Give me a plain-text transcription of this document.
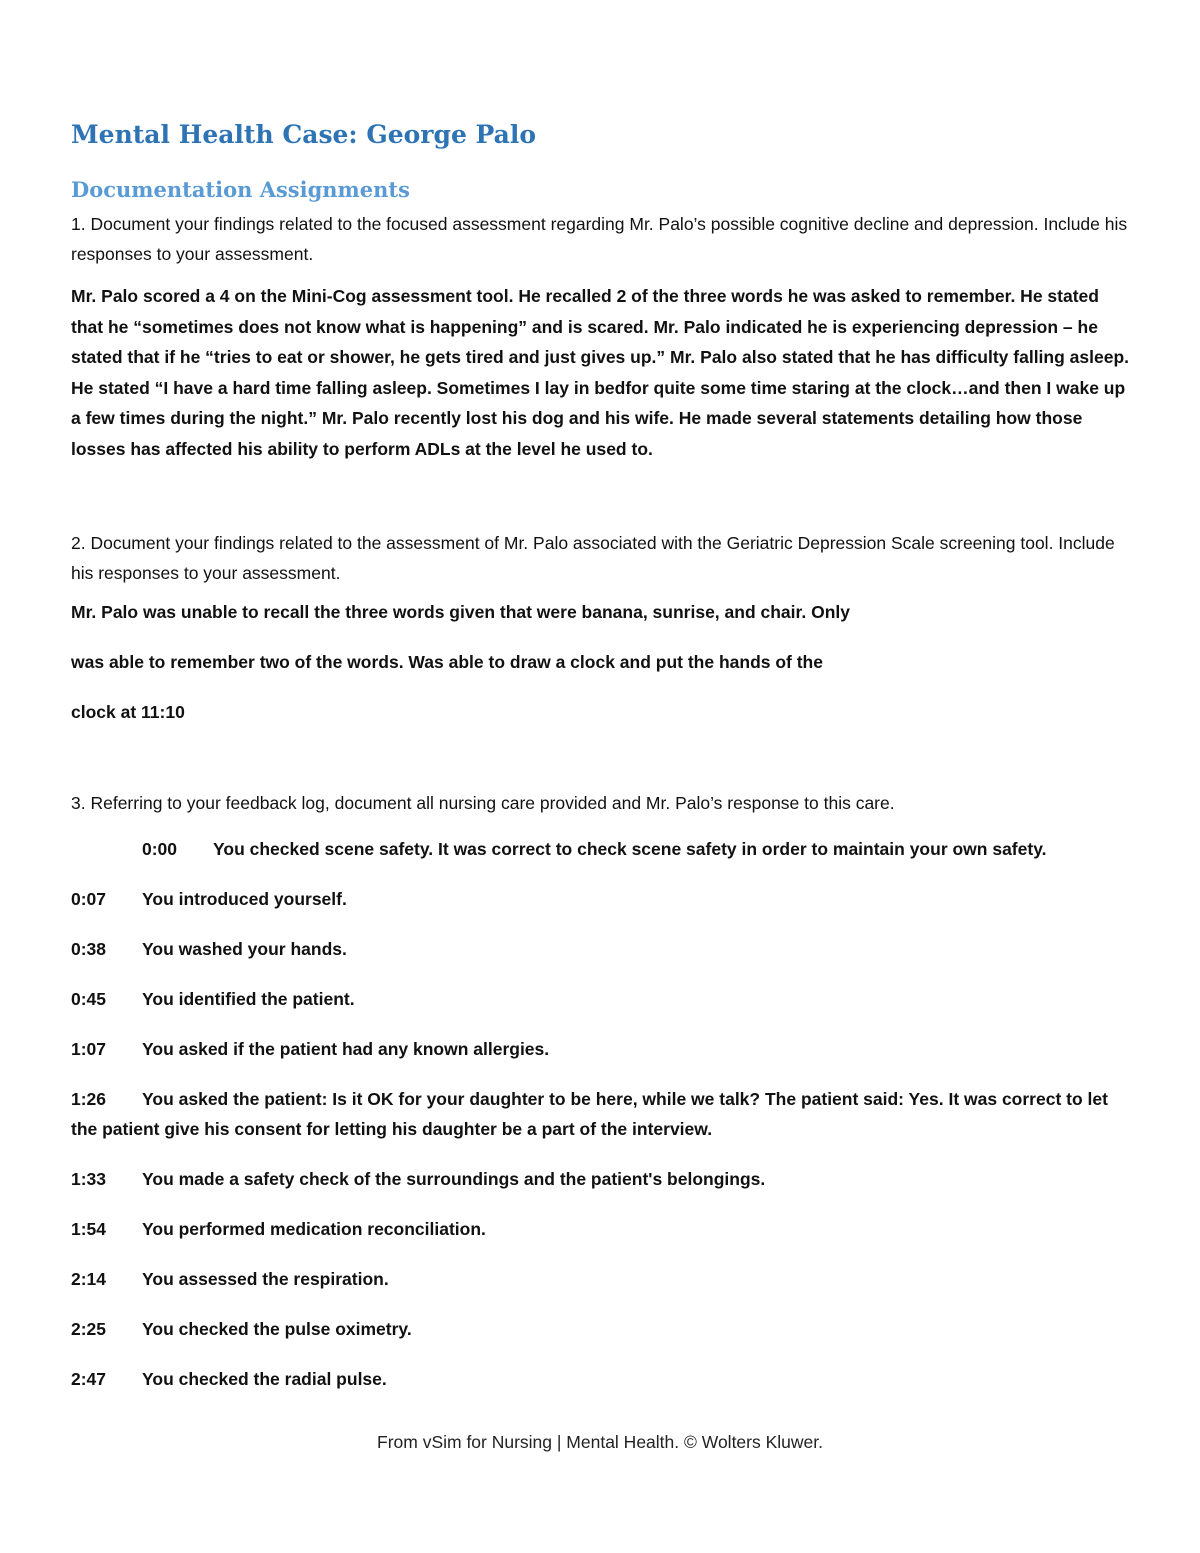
Mental Health Case: George Palo
Documentation Assignments

1. Document your findings related to the focused assessment regarding Mr. Palo’s possible cognitive decline and depression. Include his responses to your assessment.

Mr. Palo scored a 4 on the Mini-Cog assessment tool. He recalled 2 of the three words he was asked to remember. He stated that he “sometimes does not know what is happening” and is scared. Mr. Palo indicated he is experiencing depression – he stated that if he “tries to eat or shower, he gets tired and just gives up.” Mr. Palo also stated that he has difficulty falling asleep. He stated “I have a hard time falling asleep. Sometimes I lay in bedfor quite some time staring at the clock…and then I wake up a few times during the night.” Mr. Palo recently lost his dog and his wife. He made several statements detailing how those losses has affected his ability to perform ADLs at the level he used to.

2. Document your findings related to the assessment of Mr. Palo associated with the Geriatric Depression Scale screening tool. Include his responses to your assessment.

Mr. Palo was unable to recall the three words given that were banana, sunrise, and chair. Only

was able to remember two of the words. Was able to draw a clock and put the hands of the

clock at 11:10

3. Referring to your feedback log, document all nursing care provided and Mr. Palo’s response to this care.

0:00 You checked scene safety. It was correct to check scene safety in order to maintain your own safety.

0:07 You introduced yourself.

0:38 You washed your hands.

0:45 You identified the patient.

1:07 You asked if the patient had any known allergies.

1:26 You asked the patient: Is it OK for your daughter to be here, while we talk? The patient said: Yes. It was correct to let the patient give his consent for letting his daughter be a part of the interview.

1:33 You made a safety check of the surroundings and the patient's belongings.

1:54 You performed medication reconciliation.

2:14 You assessed the respiration.

2:25 You checked the pulse oximetry.

2:47 You checked the radial pulse.

From vSim for Nursing | Mental Health. © Wolters Kluwer.
